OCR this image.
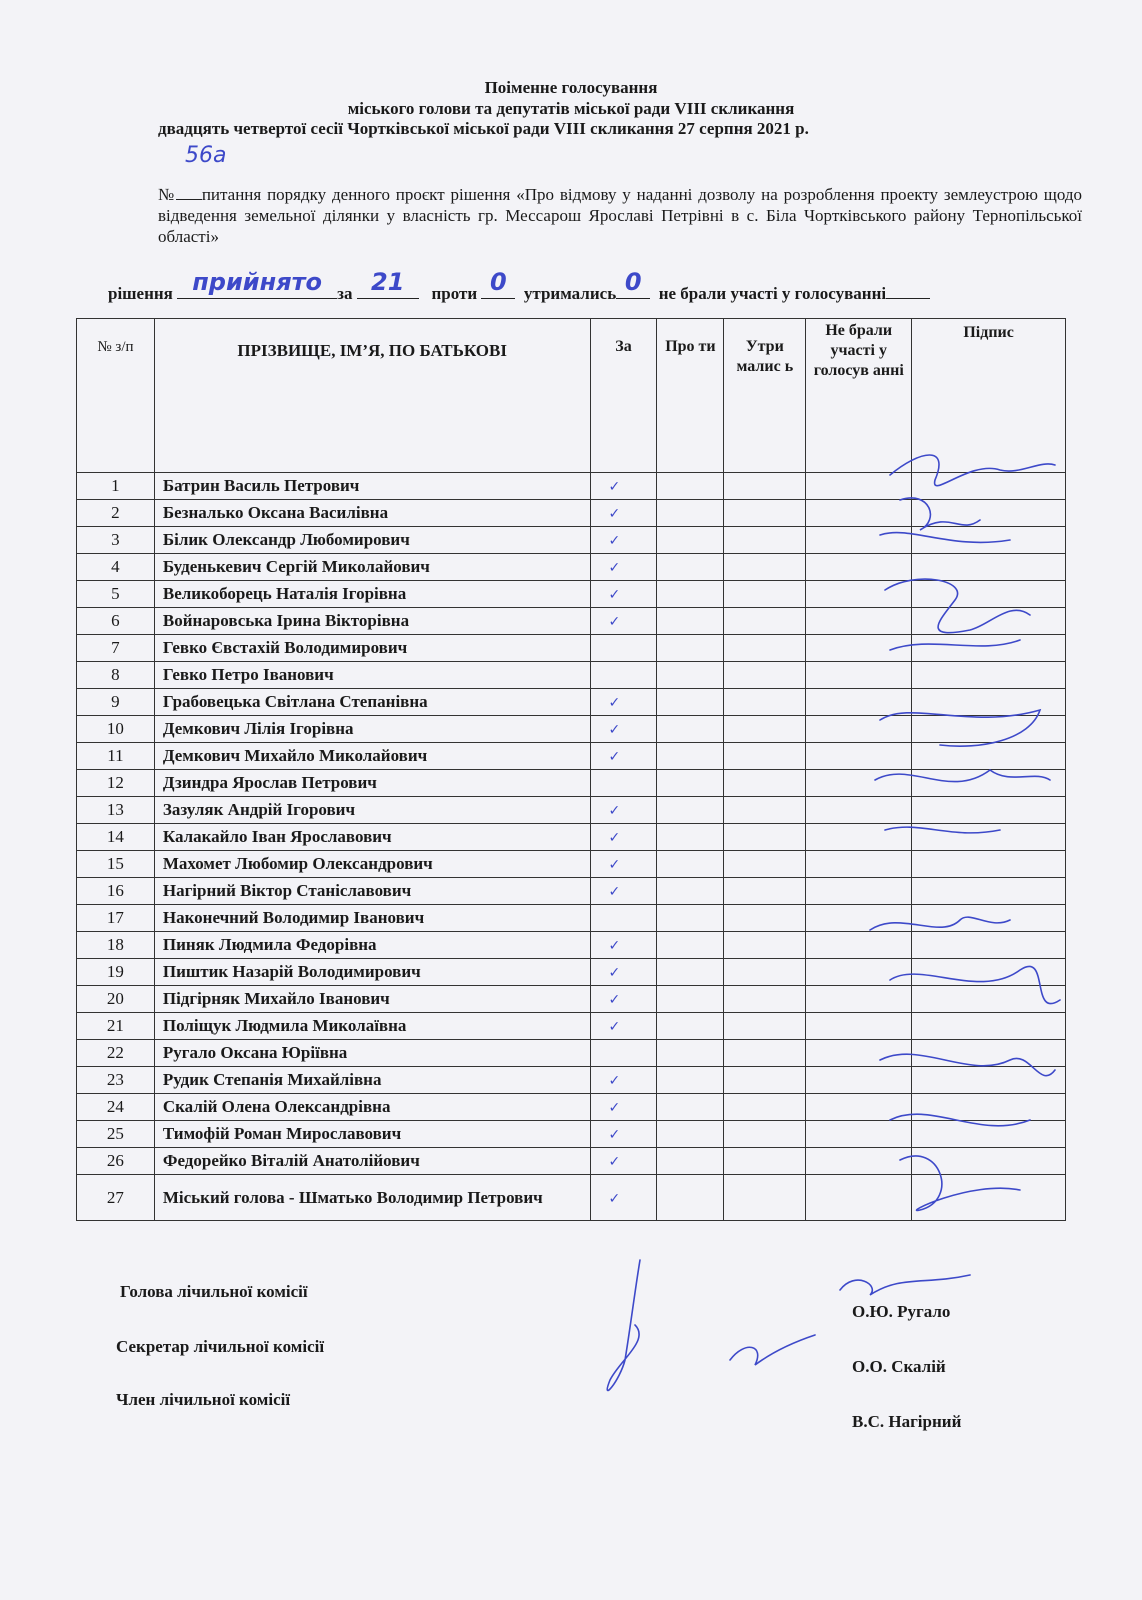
Поіменне голосування
міського голови та депутатів міської ради VIII скликання
двадцять четвертої сесії Чортківської міської ради VIII скликання 27 серпня 2021 р.
56а
№ питання порядку денного проєкт рішення «Про відмову у наданні дозволу на розроблення проекту землеустрою щодо відведення земельної ділянки у власність гр. Мессарош Ярославі Петрівні в с. Біла Чортківського району Тернопільської області»
рішення прийнято за 21	проти 0	утримались 0	не брали участі у голосуванні
№ з/п	ПРІЗВИЩЕ, ІМ’Я, ПО БАТЬКОВІ	За	Про ти	Утри малис ь	Не брали участі у голосув анні	Підпис
1	Батрин Василь Петрович	✓				
2	Безналько Оксана Василівна	✓				
3	Білик Олександр Любомирович	✓				
4	Буденькевич Сергій Миколайович	✓				
5	Великоборець Наталія Ігорівна	✓				
6	Войнаровська Ірина Вікторівна	✓				
7	Гевко Євстахій Володимирович					
8	Гевко Петро Іванович					
9	Грабовецька Світлана Степанівна	✓				
10	Демкович Лілія Ігорівна	✓				
11	Демкович Михайло Миколайович	✓				
12	Дзиндра Ярослав Петрович					
13	Зазуляк Андрій Ігорович	✓				
14	Калакайло Іван Ярославович	✓				
15	Махомет Любомир Олександрович	✓				
16	Нагірний Віктор Станіславович	✓				
17	Наконечний Володимир Іванович					
18	Пиняк Людмила Федорівна	✓				
19	Пиштик Назарій Володимирович	✓				
20	Підгірняк Михайло Іванович	✓				
21	Поліщук Людмила Миколаївна	✓				
22	Ругало Оксана Юріївна					
23	Рудик Степанія Михайлівна	✓				
24	Скалій Олена Олександрівна	✓				
25	Тимофій Роман Мирославович	✓				
26	Федорейко Віталій Анатолійович	✓				
27	Міський голова - Шматько Володимир Петрович	✓				
Голова лічильної комісії
О.Ю. Ругало
Секретар лічильної комісії
О.О. Скалій
Член лічильної комісії
В.С. Нагірний
